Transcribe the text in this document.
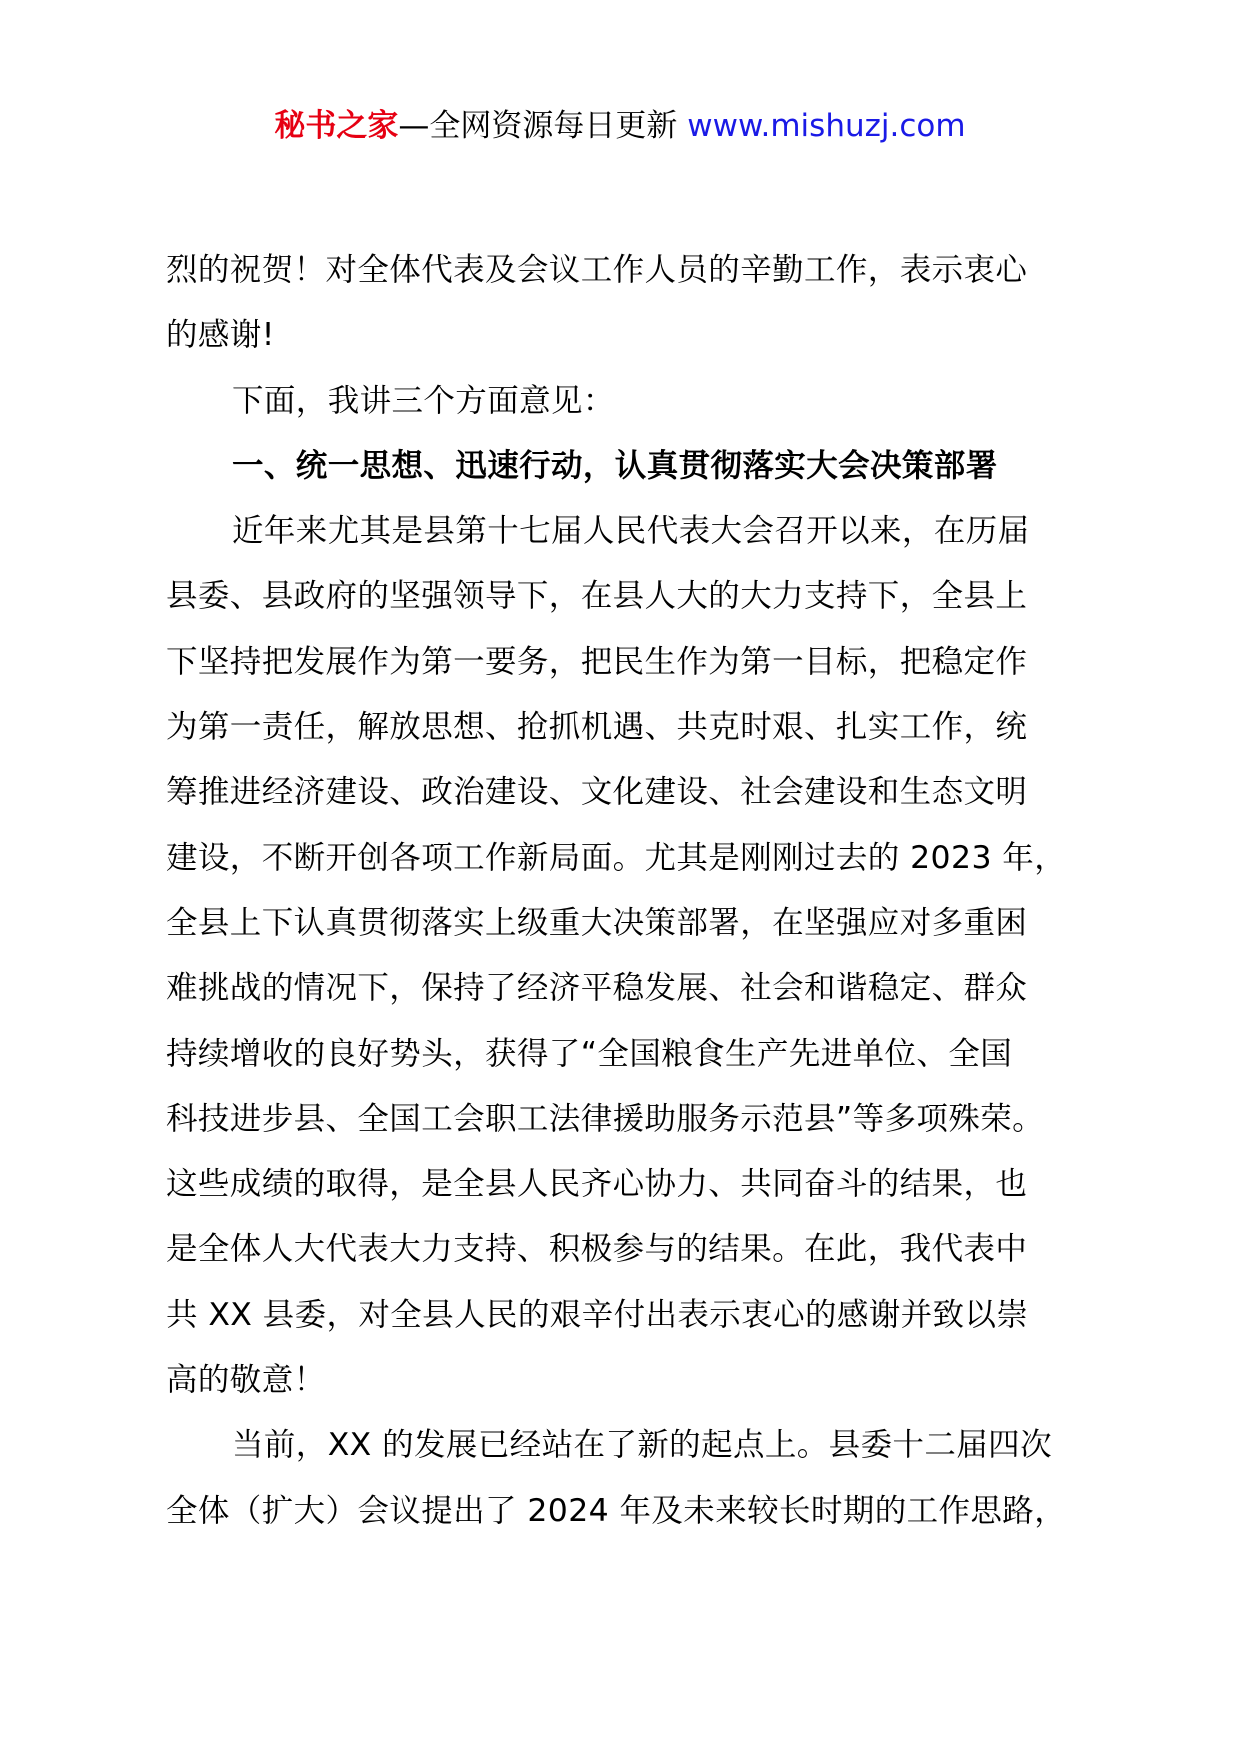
秘书之家—全网资源每日更新 www.mishuzj.com
烈的祝贺！对全体代表及会议工作人员的辛勤工作，表示衷心
的感谢!
下面，我讲三个方面意见：
一、统一思想、迅速行动，认真贯彻落实大会决策部署
近年来尤其是县第十七届人民代表大会召开以来，在历届
县委、县政府的坚强领导下，在县人大的大力支持下，全县上
下坚持把发展作为第一要务，把民生作为第一目标，把稳定作
为第一责任，解放思想、抢抓机遇、共克时艰、扎实工作，统
筹推进经济建设、政治建设、文化建设、社会建设和生态文明
建设，不断开创各项工作新局面。尤其是刚刚过去的 2023 年，
全县上下认真贯彻落实上级重大决策部署，在坚强应对多重困
难挑战的情况下，保持了经济平稳发展、社会和谐稳定、群众
持续增收的良好势头，获得了“全国粮食生产先进单位、全国
科技进步县、全国工会职工法律援助服务示范县”等多项殊荣。
这些成绩的取得，是全县人民齐心协力、共同奋斗的结果，也
是全体人大代表大力支持、积极参与的结果。在此，我代表中
共 XX 县委，对全县人民的艰辛付出表示衷心的感谢并致以崇
高的敬意！
当前，XX 的发展已经站在了新的起点上。县委十二届四次
全体（扩大）会议提出了 2024 年及未来较长时期的工作思路，
